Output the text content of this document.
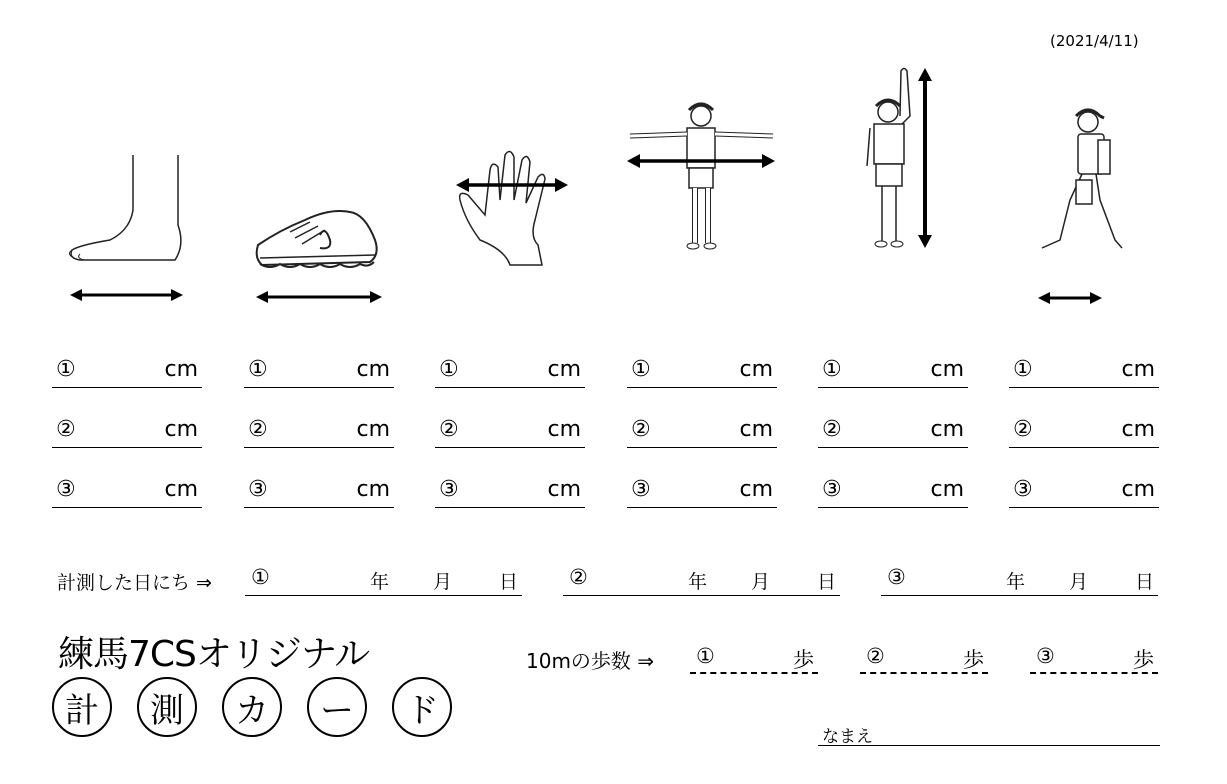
(2021/4/11)
①	cm
②	cm
③	cm
①	cm
②	cm
③	cm
①	cm
②	cm
③	cm
①	cm
②	cm
③	cm
①	cm
②	cm
③	cm
①	cm
②	cm
③	cm
計測した日にち ⇒ ①	年 月 日 ②	年 月 日 ③	年 月 日
練馬7CSオリジナル
計	測	カ	ー	ド
10mの歩数 ⇒ ①	歩 ②	歩 ③	歩
なまえ
